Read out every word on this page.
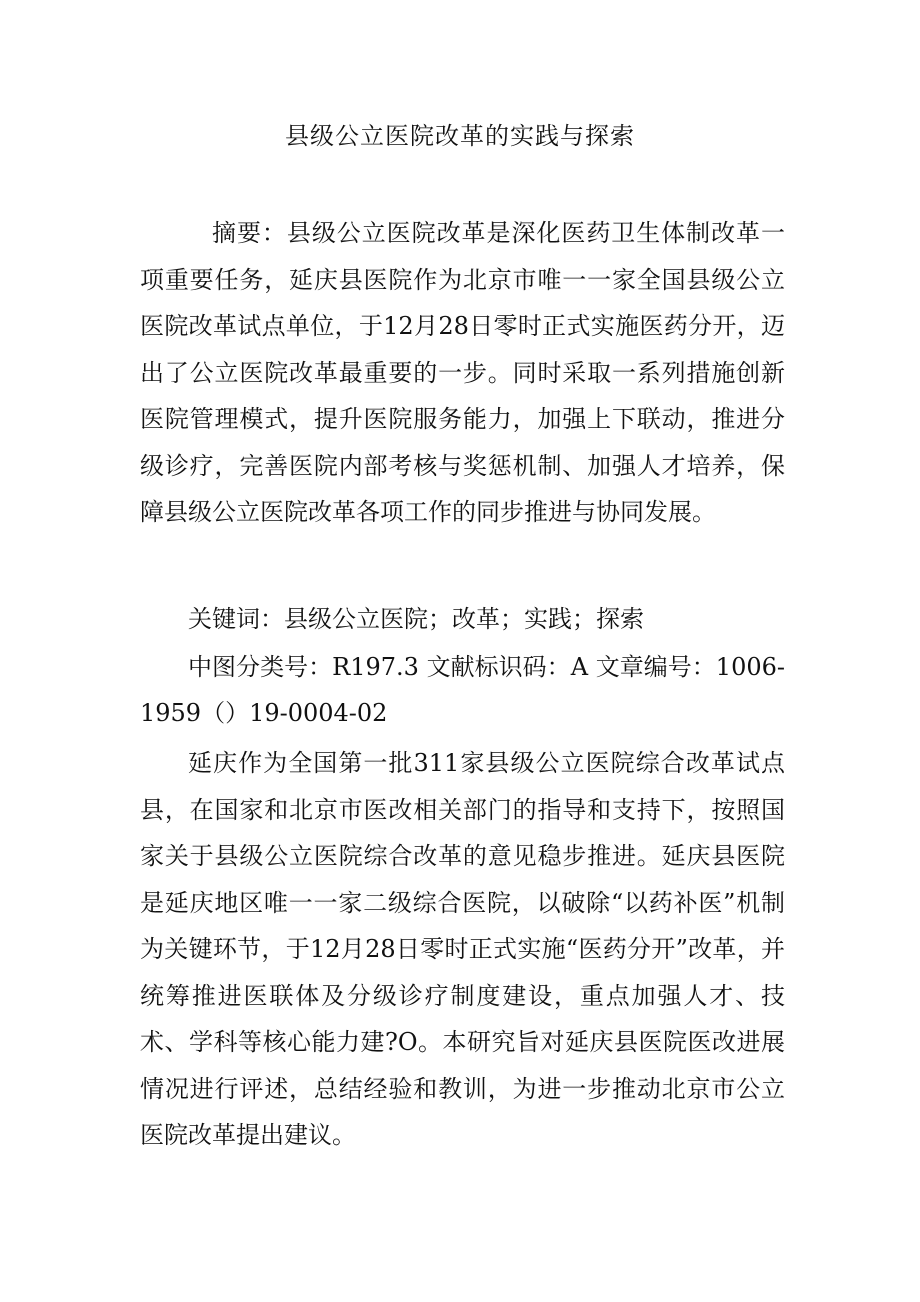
县级公立医院改革的实践与探索

摘要：县级公立医院改革是深化医药卫生体制改革一项重要任务，延庆县医院作为北京市唯一一家全国县级公立医院改革试点单位，于12月28日零时正式实施医药分开，迈出了公立医院改革最重要的一步。同时采取一系列措施创新医院管理模式，提升医院服务能力，加强上下联动，推进分级诊疗，完善医院内部考核与奖惩机制、加强人才培养，保障县级公立医院改革各项工作的同步推进与协同发展。

关键词：县级公立医院；改革；实践；探索

中图分类号：R197.3 文献标识码：A 文章编号：1006-1959（）19-0004-02

延庆作为全国第一批311家县级公立医院综合改革试点县，在国家和北京市医改相关部门的指导和支持下，按照国家关于县级公立医院综合改革的意见稳步推进。延庆县医院是延庆地区唯一一家二级综合医院，以破除“以药补医”机制为关键环节，于12月28日零时正式实施“医药分开”改革，并统筹推进医联体及分级诊疗制度建设，重点加强人才、技术、学科等核心能力建?O。本研究旨对延庆县医院医改进展情况进行评述，总结经验和教训，为进一步推动北京市公立医院改革提出建议。
